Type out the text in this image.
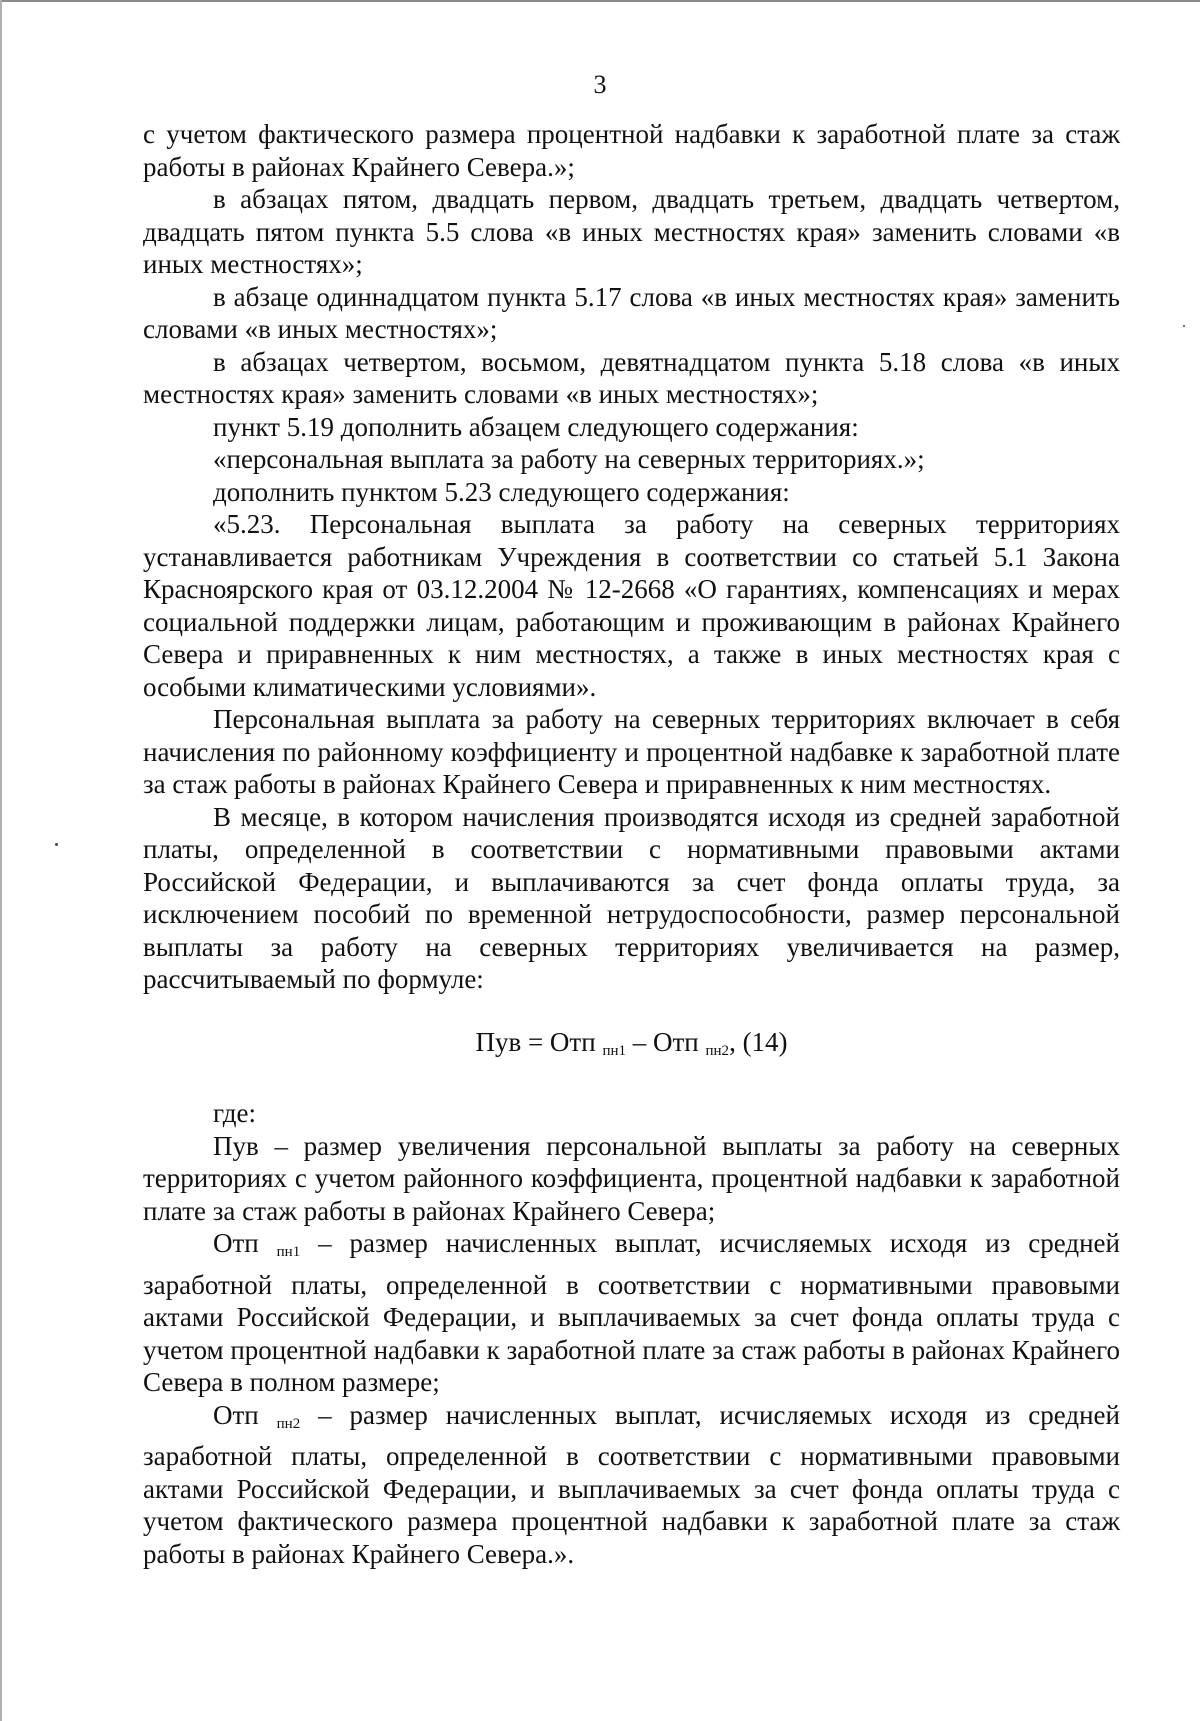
3

с учетом фактического размера процентной надбавки к заработной плате за стаж работы в районах Крайнего Севера.»;

в абзацах пятом, двадцать первом, двадцать третьем, двадцать четвертом, двадцать пятом пункта 5.5 слова «в иных местностях края» заменить словами «в иных местностях»;

в абзаце одиннадцатом пункта 5.17 слова «в иных местностях края» заменить словами «в иных местностях»;

в абзацах четвертом, восьмом, девятнадцатом пункта 5.18 слова «в иных местностях края» заменить словами «в иных местностях»;

пункт 5.19 дополнить абзацем следующего содержания:

«персональная выплата за работу на северных территориях.»;

дополнить пунктом 5.23 следующего содержания:

«5.23. Персональная выплата за работу на северных территориях устанавливается работникам Учреждения в соответствии со статьей 5.1 Закона Красноярского края от 03.12.2004 № 12-2668 «О гарантиях, компенсациях и мерах социальной поддержки лицам, работающим и проживающим в районах Крайнего Севера и приравненных к ним местностях, а также в иных местностях края с особыми климатическими условиями».

Персональная выплата за работу на северных территориях включает в себя начисления по районному коэффициенту и процентной надбавке к заработной плате за стаж работы в районах Крайнего Севера и приравненных к ним местностях.

В месяце, в котором начисления производятся исходя из средней заработной платы, определенной в соответствии с нормативными правовыми актами Российской Федерации, и выплачиваются за счет фонда оплаты труда, за исключением пособий по временной нетрудоспособности, размер персональной выплаты за работу на северных территориях увеличивается на размер, рассчитываемый по формуле:

Пув = Отп $_{пн1}$ – Отп $_{пн2}$, (14)

где:

Пув – размер увеличения персональной выплаты за работу на северных территориях с учетом районного коэффициента, процентной надбавки к заработной плате за стаж работы в районах Крайнего Севера;

Отп пн1 – размер начисленных выплат, исчисляемых исходя из средней заработной платы, определенной в соответствии с нормативными правовыми актами Российской Федерации, и выплачиваемых за счет фонда оплаты труда с учетом процентной надбавки к заработной плате за стаж работы в районах Крайнего Севера в полном размере;

Отп пн2 – размер начисленных выплат, исчисляемых исходя из средней заработной платы, определенной в соответствии с нормативными правовыми актами Российской Федерации, и выплачиваемых за счет фонда оплаты труда с учетом фактического размера процентной надбавки к заработной плате за стаж работы в районах Крайнего Севера.».
